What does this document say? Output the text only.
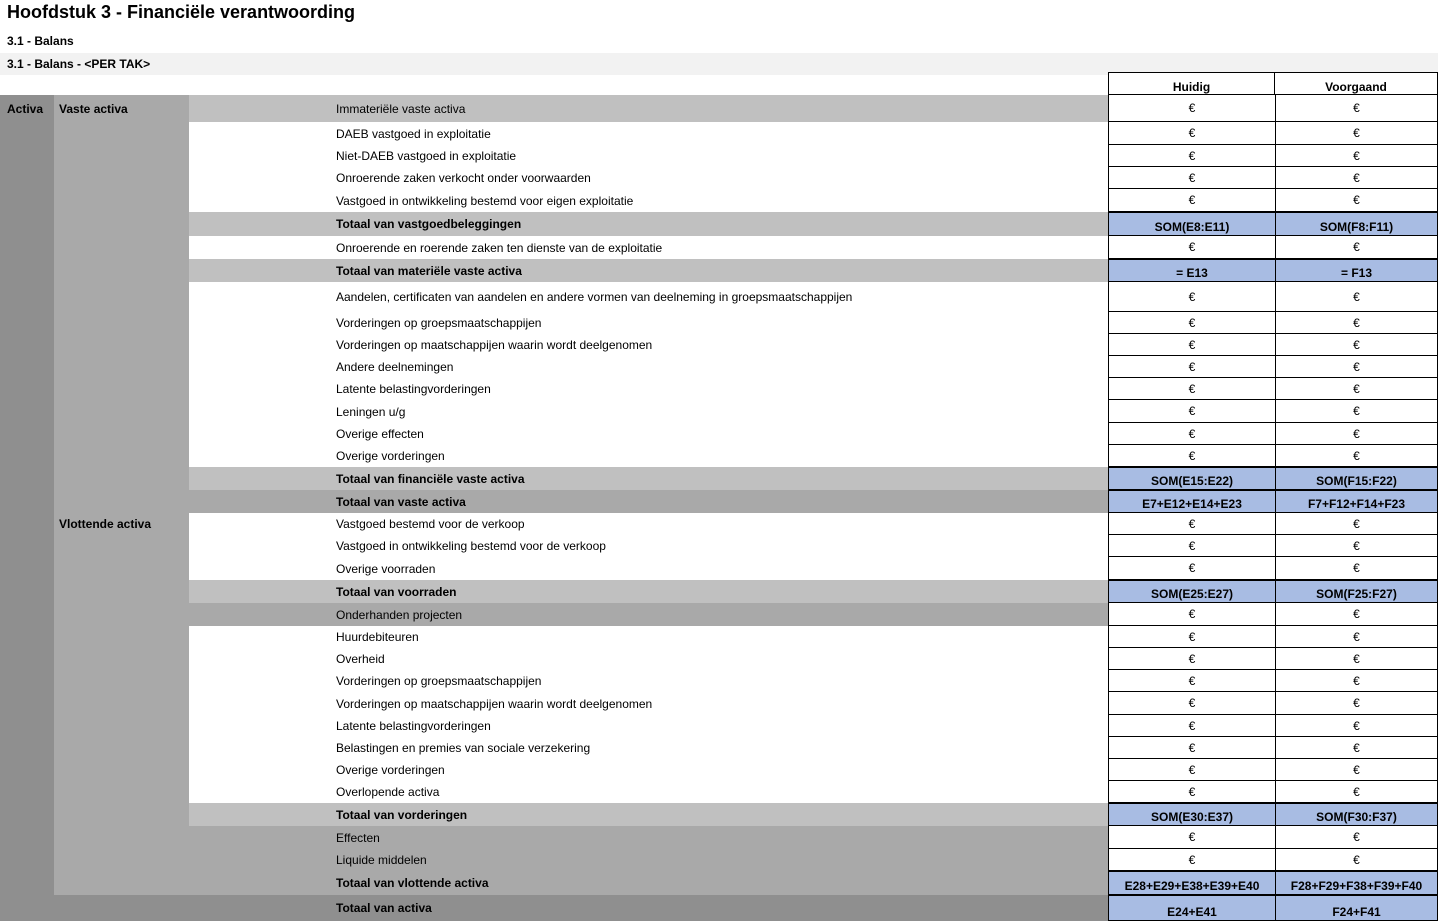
Hoofdstuk 3 - Financiële verantwoording
3.1 - Balans
3.1 - Balans - <PER TAK>
Huidig	Voorgaand
Activa Vaste activa
Vlottende activa
Immateriële vaste activa	€	€
DAEB vastgoed in exploitatie	€	€
Niet-DAEB vastgoed in exploitatie	€	€
Onroerende zaken verkocht onder voorwaarden	€	€
Vastgoed in ontwikkeling bestemd voor eigen exploitatie	€	€
Totaal van vastgoedbeleggingen	SOM(E8:E11)	SOM(F8:F11)
Onroerende en roerende zaken ten dienste van de exploitatie	€	€
Totaal van materiële vaste activa	= E13	= F13
Aandelen, certificaten van aandelen en andere vormen van deelneming in groepsmaatschappijen	€	€
Vorderingen op groepsmaatschappijen	€	€
Vorderingen op maatschappijen waarin wordt deelgenomen	€	€
Andere deelnemingen	€	€
Latente belastingvorderingen	€	€
Leningen u/g	€	€
Overige effecten	€	€
Overige vorderingen	€	€
Totaal van financiële vaste activa	SOM(E15:E22)	SOM(F15:F22)
Totaal van vaste activa	E7+E12+E14+E23	F7+F12+F14+F23
Vastgoed bestemd voor de verkoop	€	€
Vastgoed in ontwikkeling bestemd voor de verkoop	€	€
Overige voorraden	€	€
Totaal van voorraden	SOM(E25:E27)	SOM(F25:F27)
Onderhanden projecten	€	€
Huurdebiteuren	€	€
Overheid	€	€
Vorderingen op groepsmaatschappijen	€	€
Vorderingen op maatschappijen waarin wordt deelgenomen	€	€
Latente belastingvorderingen	€	€
Belastingen en premies van sociale verzekering	€	€
Overige vorderingen	€	€
Overlopende activa	€	€
Totaal van vorderingen	SOM(E30:E37)	SOM(F30:F37)
Effecten	€	€
Liquide middelen	€	€
Totaal van vlottende activa	E28+E29+E38+E39+E40	F28+F29+F38+F39+F40
Totaal van activa	E24+E41	F24+F41
